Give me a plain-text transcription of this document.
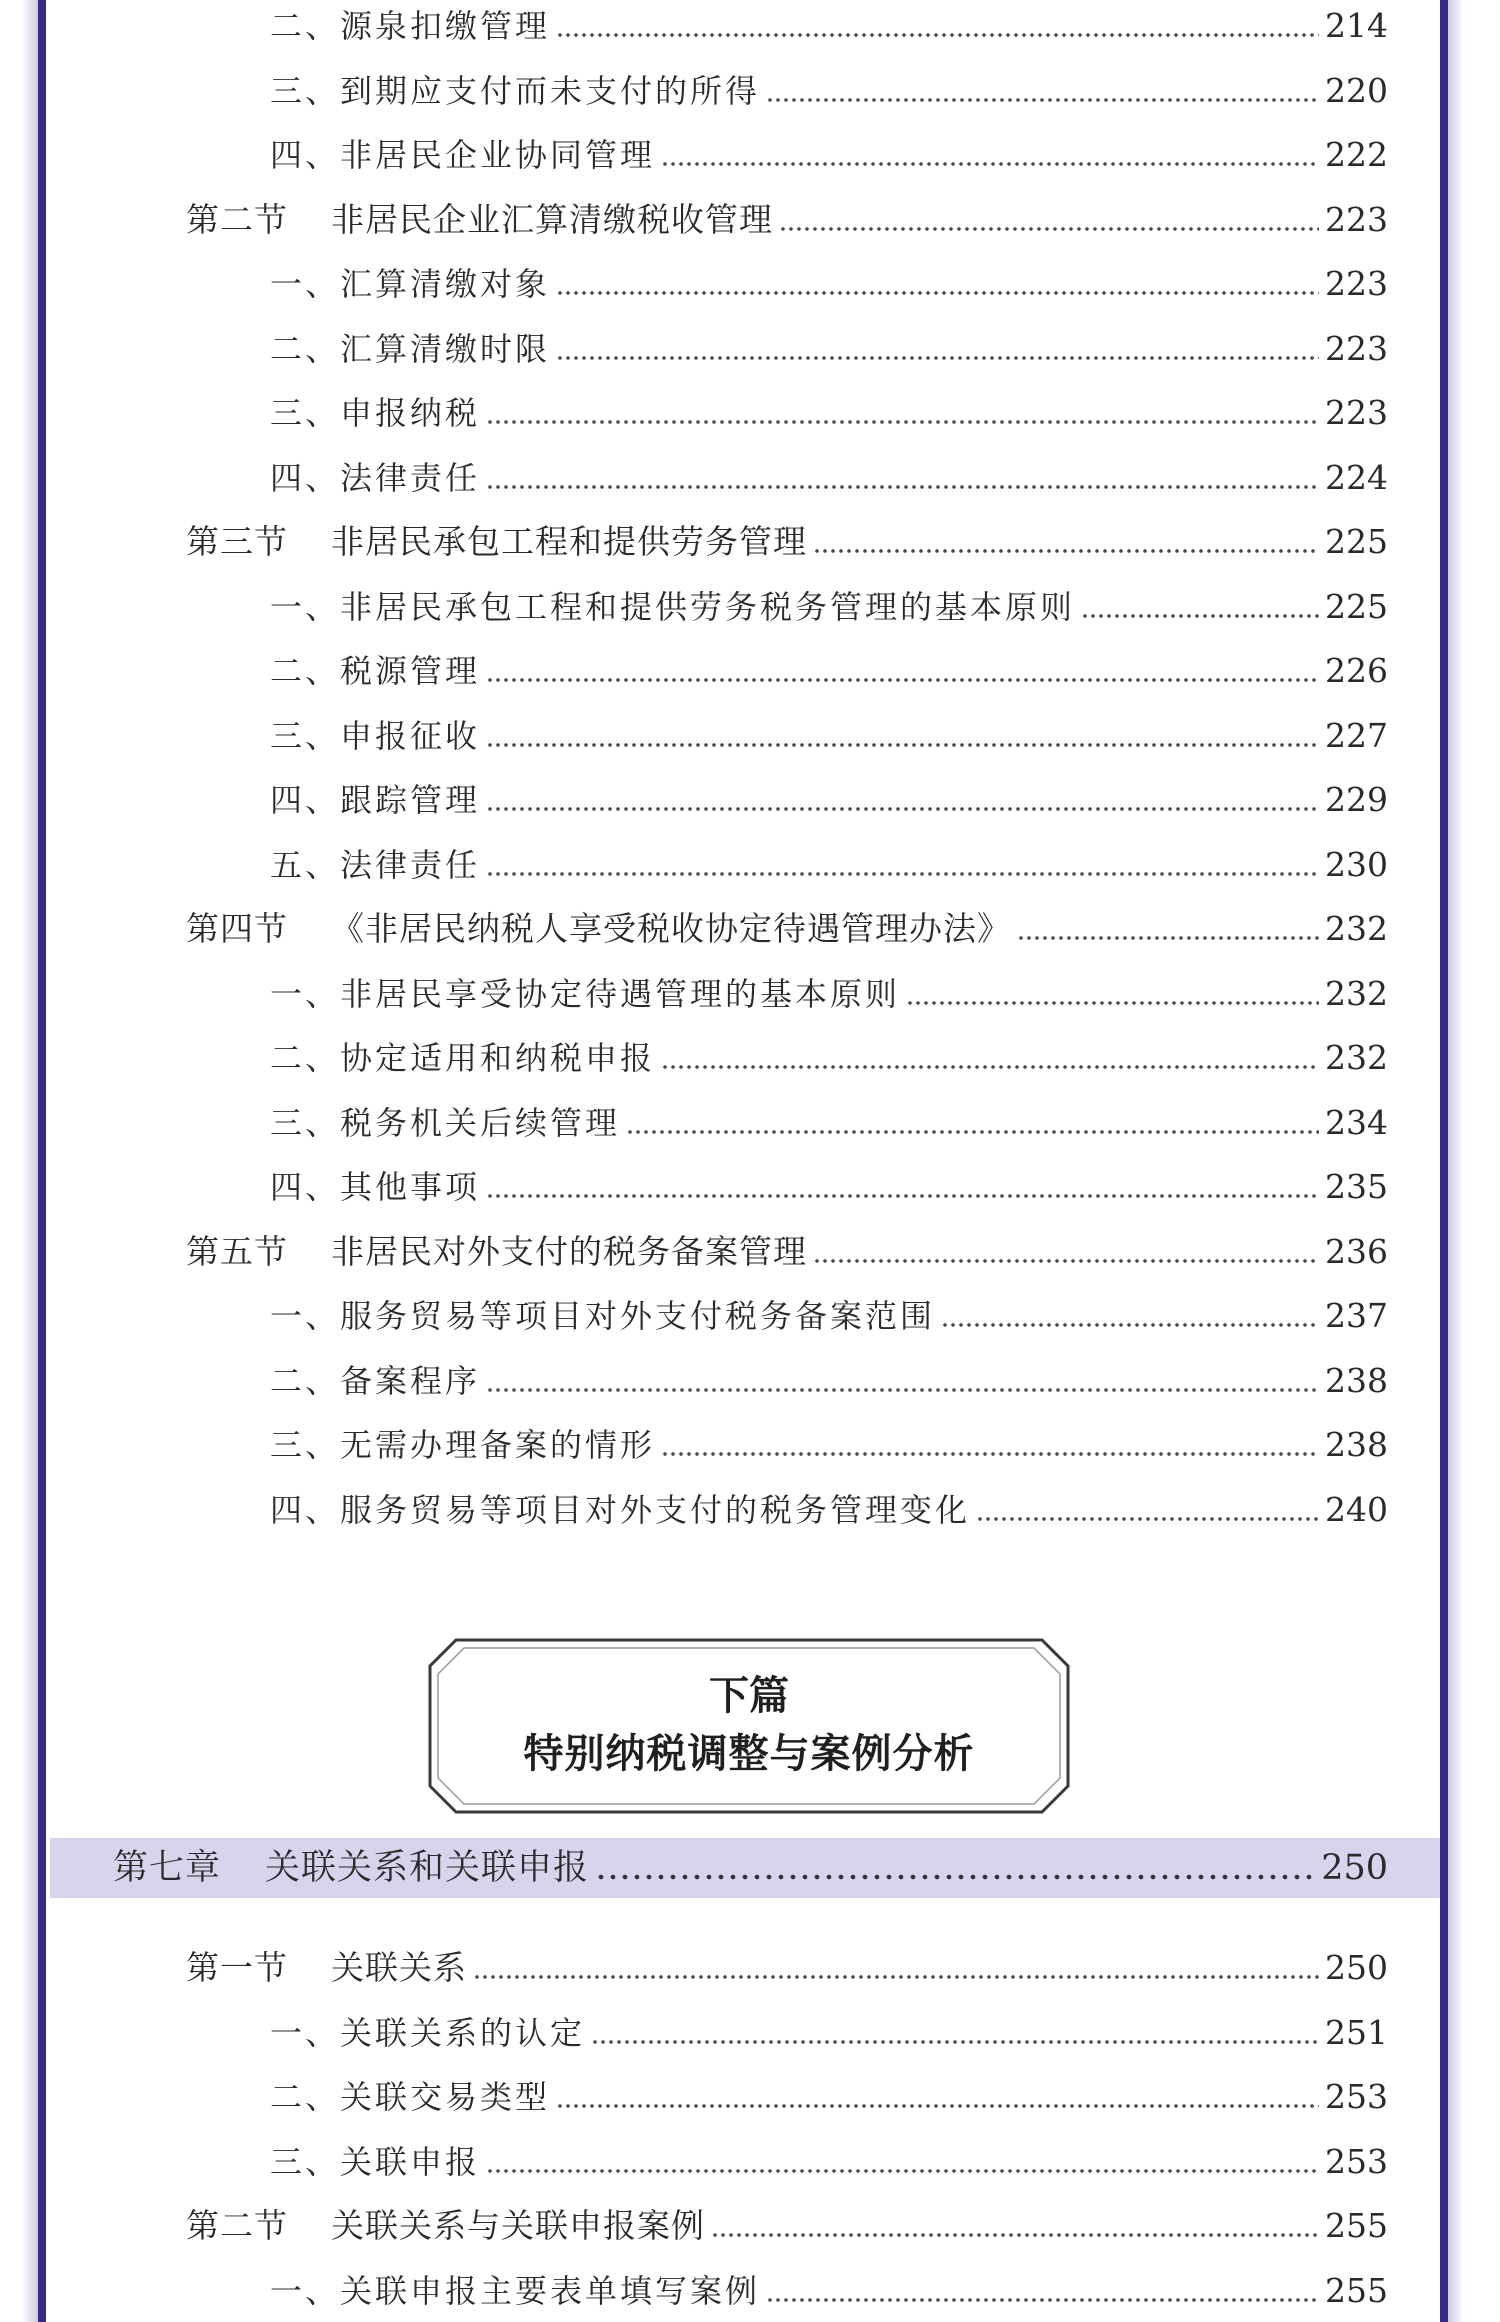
二、源泉扣缴管理	214
三、到期应支付而未支付的所得	220
四、非居民企业协同管理	222
第二节 非居民企业汇算清缴税收管理	223
一、汇算清缴对象	223
二、汇算清缴时限	223
三、申报纳税	223
四、法律责任	224
第三节 非居民承包工程和提供劳务管理	225
一、非居民承包工程和提供劳务税务管理的基本原则	225
二、税源管理	226
三、申报征收	227
四、跟踪管理	229
五、法律责任	230
第四节 《非居民纳税人享受税收协定待遇管理办法》	232
一、非居民享受协定待遇管理的基本原则	232
二、协定适用和纳税申报	232
三、税务机关后续管理	234
四、其他事项	235
第五节 非居民对外支付的税务备案管理	236
一、服务贸易等项目对外支付税务备案范围	237
二、备案程序	238
三、无需办理备案的情形	238
四、服务贸易等项目对外支付的税务管理变化	240
下篇
特别纳税调整与案例分析
第七章 关联关系和关联申报	250
第一节 关联关系	250
一、关联关系的认定	251
二、关联交易类型	253
三、关联申报	253
第二节 关联关系与关联申报案例	255
一、关联申报主要表单填写案例	255
